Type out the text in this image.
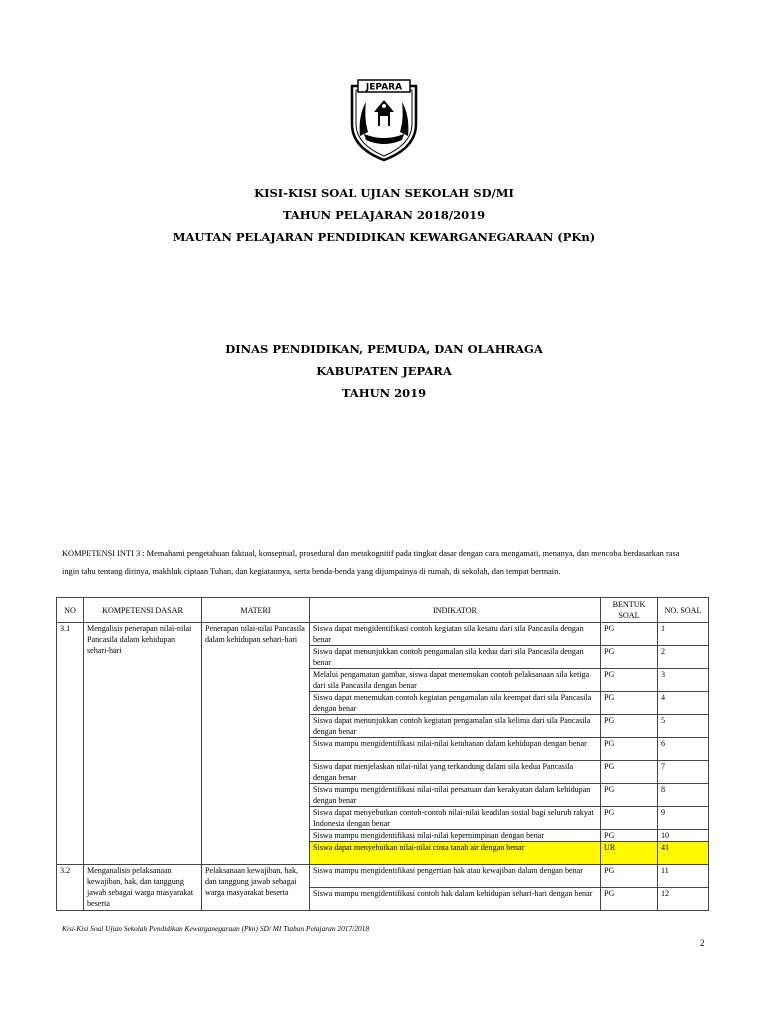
JEPARA
KISI-KISI SOAL UJIAN SEKOLAH SD/MI
TAHUN PELAJARAN 2018/2019
MAUTAN PELAJARAN PENDIDIKAN KEWARGANEGARAAN (PKn)
DINAS PENDIDIKAN, PEMUDA, DAN OLAHRAGA
KABUPATEN JEPARA
TAHUN 2019
KOMPETENSI INTI 3 : Memahami pengetahuan faktual, konseptual, prosedural dan metakognitif pada tingkat dasar dengan cara mengamati, menanya, dan mencoba berdasarkan rasa ingin tahu tentang dirinya, makhluk ciptaan Tuhan, dan kegiatannya, serta benda-benda yang dijumpainya di rumah, di sekolah, dan tempat bermain.
NO	KOMPETENSI DASAR	MATERI	INDIKATOR	BENTUK SOAL	NO. SOAL
3.1	Mengalisis penerapan nilai-nilai Pancasila dalam kehidupan sehari-hari	Penerapan nilai-nilai Pancasila dalam kehidupan sehari-hari	Siswa dapat mengidentifikasi contoh kegiatan sila kesatu dari sila Pancasila dengan benar	PG	1
			Siswa dapat menunjukkan contoh pengamalan sila kedua dari sila Pancasila dengan benar	PG	2
			Melalui pengamatan gambar, siswa dapat menemukan contoh pelaksanaan sila ketiga dari sila Pancasila dengan benar	PG	3
			Siswa dapat menemukan contoh kegiatan pengamalan sila keempat dari sila Pancasila dengan benar	PG	4
			Siswa dapat menunjukkan contoh kegiatan pengamalan sila kelima dari sila Pancasila dengan benar	PG	5
			Siswa mampu mengidentifikasi nilai-nilai ketuhanan dalam kehidupan dengan benar	PG	6
			Siswa dapat menjelaskan nilai-nilai yang terkandung dalam sila kedua Pancasila dengan benar	PG	7
			Siswa mampu mengidentifikasi nilai-nilai persatuan dan kerakyatan dalam kehidupan dengan benar	PG	8
			Siswa dapat menyebutkan contoh-contoh nilai-nilai keadilan sosial bagi seluruh rakyat Indonesia dengan benar	PG	9
			Siswa mampu mengidentifikasi nilai-nilai kepemimpinan dengan benar	PG	10
			Siswa dapat menyebutkan nilai-nilai cinta tanah air dengan benar	UR	41
3.2	Menganalisis pelaksanaan kewajiban, hak, dan tanggung jawab sebagai warga masyarakat beserta	Pelaksanaan kewajiban, hak, dan tanggung jawab sebagai warga masyarakat beserta	Siswa mampu mengidentifikasi pengertian hak atau kewajiban dalam dengan benar	PG	11
			Siswa mampu mengidentifikasi contoh hak dalam kehidupan sehari-hari dengan benar	PG	12
Kisi-Kisi Soal Ujian Sekolah Pendidikan Kewarganegaraan (Pkn) SD/ MI Ttahun Pelajaran 2017/2018
2
